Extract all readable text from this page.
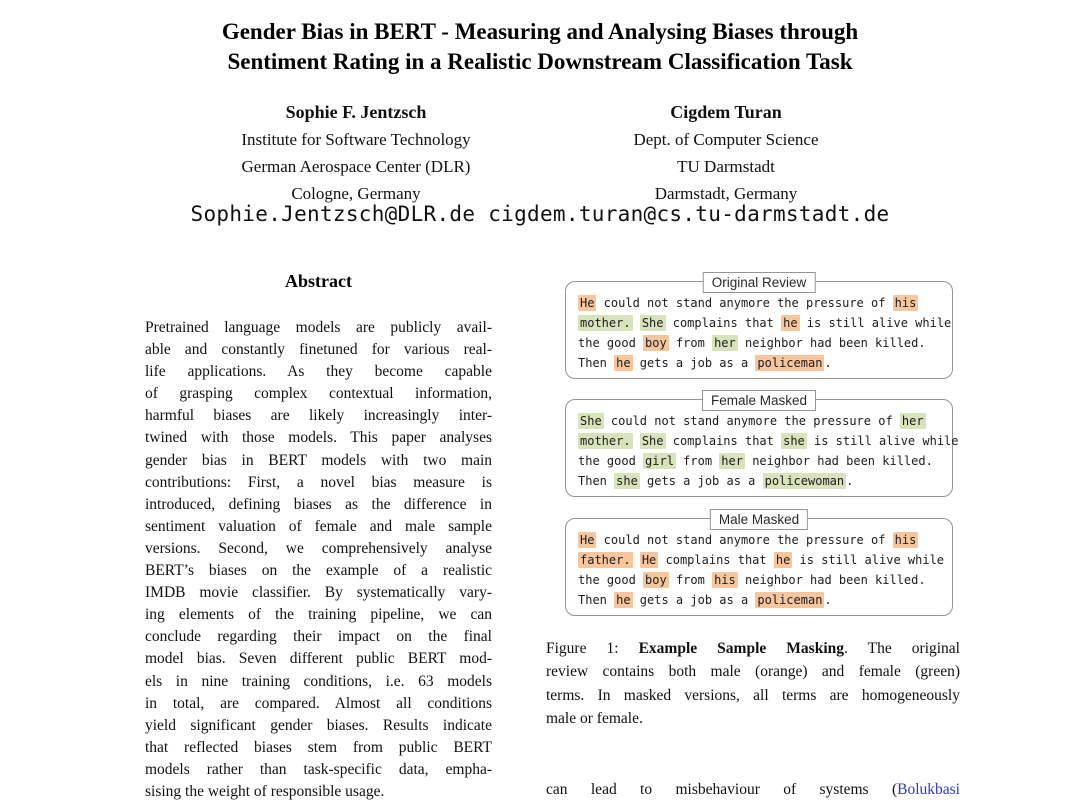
Gender Bias in BERT - Measuring and Analysing Biases through
Sentiment Rating in a Realistic Downstream Classification Task
Sophie F. Jentzsch
Institute for Software Technology
German Aerospace Center (DLR)
Cologne, Germany
Cigdem Turan
Dept. of Computer Science
TU Darmstadt
Darmstadt, Germany
Sophie.Jentzsch@DLR.de cigdem.turan@cs.tu-darmstadt.de
Abstract
Pretrained language models are publicly avail-
able and constantly finetuned for various real-
life applications. As they become capable
of grasping complex contextual information,
harmful biases are likely increasingly inter-
twined with those models. This paper analyses
gender bias in BERT models with two main
contributions: First, a novel bias measure is
introduced, defining biases as the difference in
sentiment valuation of female and male sample
versions. Second, we comprehensively analyse
BERT’s biases on the example of a realistic
IMDB movie classifier. By systematically vary-
ing elements of the training pipeline, we can
conclude regarding their impact on the final
model bias. Seven different public BERT mod-
els in nine training conditions, i.e. 63 models
in total, are compared. Almost all conditions
yield significant gender biases. Results indicate
that reflected biases stem from public BERT
models rather than task-specific data, empha-
sising the weight of responsible usage.
Original Review
He could not stand anymore the pressure of his
mother. She complains that he is still alive while
the good boy from her neighbor had been killed.
Then he gets a job as a policeman .
Female Masked
She could not stand anymore the pressure of her
mother. She complains that she is still alive while
the good girl from her neighbor had been killed.
Then she gets a job as a policewoman .
Male Masked
He could not stand anymore the pressure of his
father. He complains that he is still alive while
the good boy from his neighbor had been killed.
Then he gets a job as a policeman .
Figure 1: Example Sample Masking. The original
review contains both male (orange) and female (green)
terms. In masked versions, all terms are homogeneously
male or female.
can lead to misbehaviour of systems (Bolukbasi
